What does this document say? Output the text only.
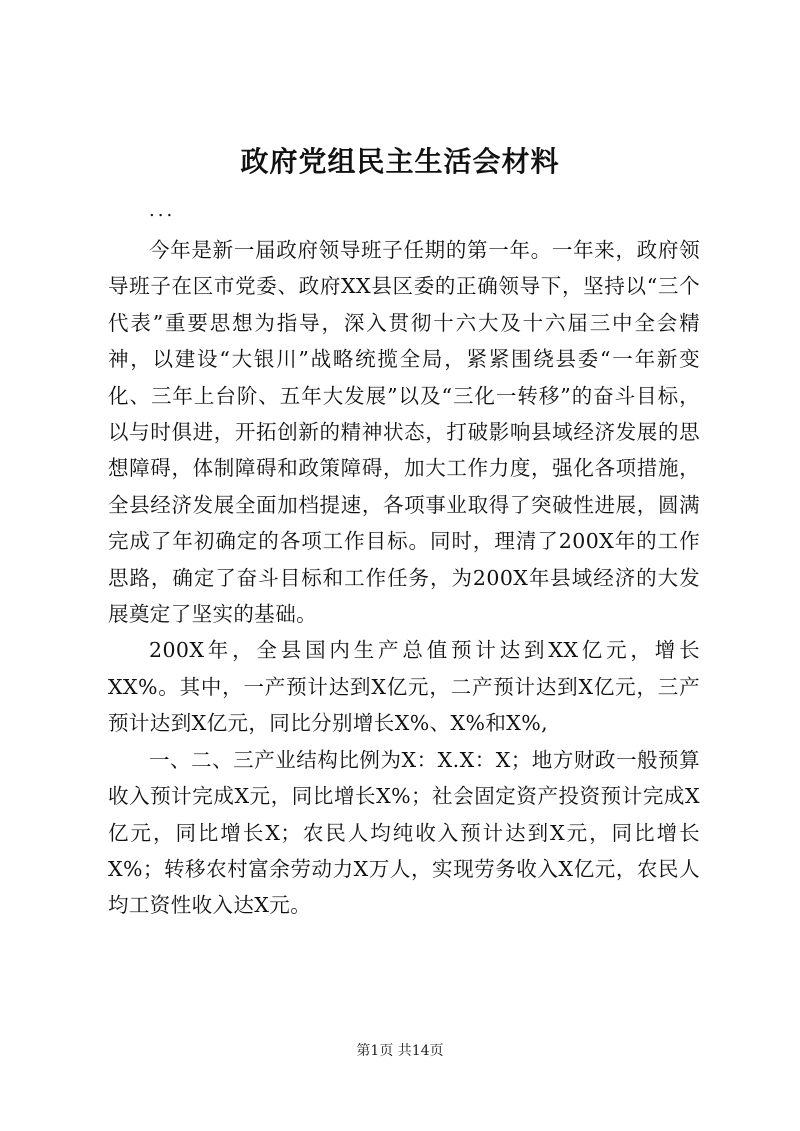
政府党组民主生活会材料
...

今年是新一届政府领导班子任期的第一年。一年来，政府领导班子在区市党委、政府XX县区委的正确领导下，坚持以“三个代表”重要思想为指导，深入贯彻十六大及十六届三中全会精神，以建设“大银川”战略统揽全局，紧紧围绕县委“一年新变化、三年上台阶、五年大发展”以及“三化一转移”的奋斗目标，以与时俱进，开拓创新的精神状态，打破影响县域经济发展的思想障碍，体制障碍和政策障碍，加大工作力度，强化各项措施，全县经济发展全面加档提速，各项事业取得了突破性进展，圆满完成了年初确定的各项工作目标。同时，理清了200X年的工作思路，确定了奋斗目标和工作任务，为200X年县域经济的大发展奠定了坚实的基础。

200X年，全县国内生产总值预计达到XX亿元，增长XX%。其中，一产预计达到X亿元，二产预计达到X亿元，三产预计达到X亿元，同比分别增长X%、X%和X%,

一、二、三产业结构比例为X：X.X：X；地方财政一般预算收入预计完成X元，同比增长X%；社会固定资产投资预计完成X亿元，同比增长X；农民人均纯收入预计达到X元，同比增长X%；转移农村富余劳动力X万人，实现劳务收入X亿元，农民人均工资性收入达X元。

第1页 共14页
